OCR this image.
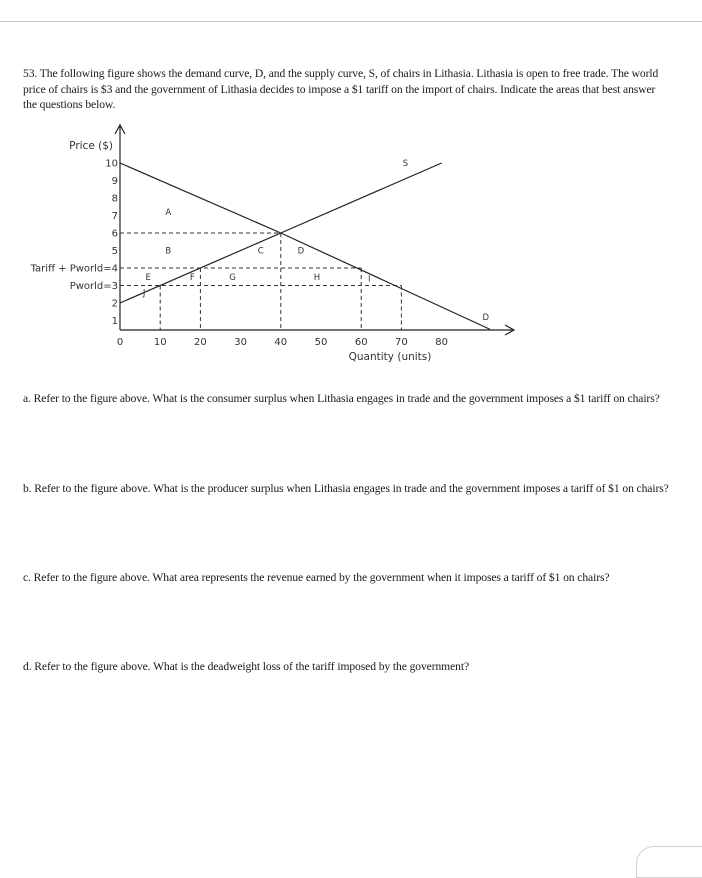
53. The following figure shows the demand curve, D, and the supply curve, S, of chairs in Lithasia. Lithasia is open to free trade. The world price of chairs is $3 and the government of Lithasia decides to impose a $1 tariff on the import of chairs. Indicate the areas that best answer the questions below.
Price ($)
Quantity (units)
0	10	20	30	40	50	60	70	80
1
2
Pworld=3
Tariff + Pworld=4
5
6
7
8
9
10
A
B	C	D
E	F	G	H	I
J
S
D
a. Refer to the figure above. What is the consumer surplus when Lithasia engages in trade and the government imposes a $1 tariff on chairs?
b. Refer to the figure above. What is the producer surplus when Lithasia engages in trade and the government imposes a tariff of $1 on chairs?
c. Refer to the figure above. What area represents the revenue earned by the government when it imposes a tariff of $1 on chairs?
d. Refer to the figure above. What is the deadweight loss of the tariff imposed by the government?
